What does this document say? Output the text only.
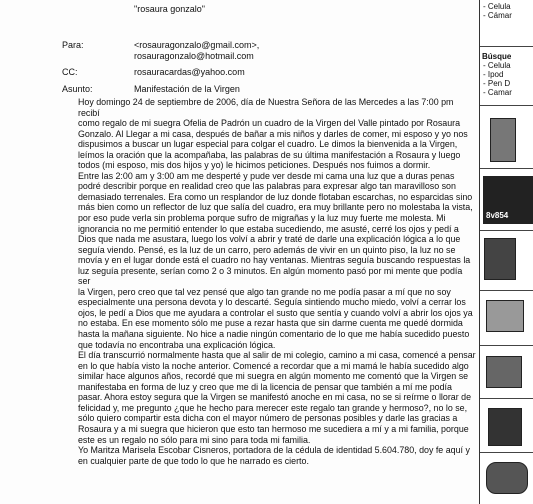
"rosaura gonzalo"
Para:	<rosauragonzalo@gmail.com>,
rosauragonzalo@hotmail.com
CC:	rosauracardas@yahoo.com
Asunto:	Manifestación de la Virgen
Hoy domingo 24 de septiembre de 2006, día de Nuestra Señora de las Mercedes a las 7:00 pm recibí
como regalo de mi suegra Ofelia de Padrón un cuadro de la Virgen del Valle pintado por Rosaura
Gonzalo. Al Llegar a mi casa, después de bañar a mis niños y darles de comer, mi esposo y yo nos
dispusimos a buscar un lugar especial para colgar el cuadro. Le dimos la bienvenida a la Virgen,
leímos la oración que la acompañaba, las palabras de su última manifestación a Rosaura y luego
todos (mi esposo, mis dos hijos y yo) le hicimos peticiones. Después nos fuimos a dormir.
Entre las 2:00 am y 3:00 am me desperté y pude ver desde mi cama una luz que a duras penas
podré describir porque en realidad creo que las palabras para expresar algo tan maravilloso son
demasiado terrenales. Era como un resplandor de luz donde flotaban escarchas, no esparcidas sino
más bien como un reflector de luz que salía del cuadro, era muy brillante pero no molestaba la vista,
por eso pude verla sin problema porque sufro de migrañas y la luz muy fuerte me molesta. Mi
ignorancia no me permitió entender lo que estaba sucediendo, me asusté, cerré los ojos y pedí a
Dios que nada me asustara, luego los volví a abrir y traté de darle una explicación lógica a lo que
seguía viendo. Pensé, es la luz de un carro, pero además de vivir en un quinto piso, la luz no se
movía y en el lugar donde está el cuadro no hay ventanas. Mientras seguía buscando respuestas la
luz seguía presente, serían como 2 o 3 minutos. En algún momento pasó por mi mente que podía ser
la Virgen, pero creo que tal vez pensé que algo tan grande no me podía pasar a mí que no soy
especialmente una persona devota y lo descarté. Seguía sintiendo mucho miedo, volví a cerrar los
ojos, le pedí a Dios que me ayudara a controlar el susto que sentía y cuando volví a abrir los ojos ya
no estaba. En ese momento sólo me puse a rezar hasta que sin darme cuenta me quedé dormida
hasta la mañana siguiente. No hice a nadie ningún comentario de lo que me había sucedido puesto
que todavía no encontraba una explicación lógica.
El día transcurrió normalmente hasta que al salir de mi colegio, camino a mi casa, comencé a pensar
en lo que había visto la noche anterior. Comencé a recordar que a mi mamá le había sucedido algo
similar hace algunos años, recordé que mi suegra en algún momento me comentó que la Virgen se
manifestaba en forma de luz y creo que me di la licencia de pensar que también a mí me podía
pasar. Ahora estoy segura que la Virgen se manifestó anoche en mi casa, no se si reírme o llorar de
felicidad y, me pregunto ¿que he hecho para merecer este regalo tan grande y hermoso?, no lo se,
sólo quiero compartir esta dicha con el mayor número de personas posibles y darle las gracias a
Rosaura y a mi suegra que hicieron que esto tan hermoso me sucediera a mí y a mi familia, porque
este es un regalo no sólo para mi sino para toda mi familia.
Yo Maritza Marisela Escobar Cisneros, portadora de la cédula de identidad 5.604.780, doy fe aquí y
en cualquier parte de que todo lo que he narrado es cierto.
- Celula
- Cámar
Búsque
- Celula
- Ipod
- Pen D
- Camar
8v854
